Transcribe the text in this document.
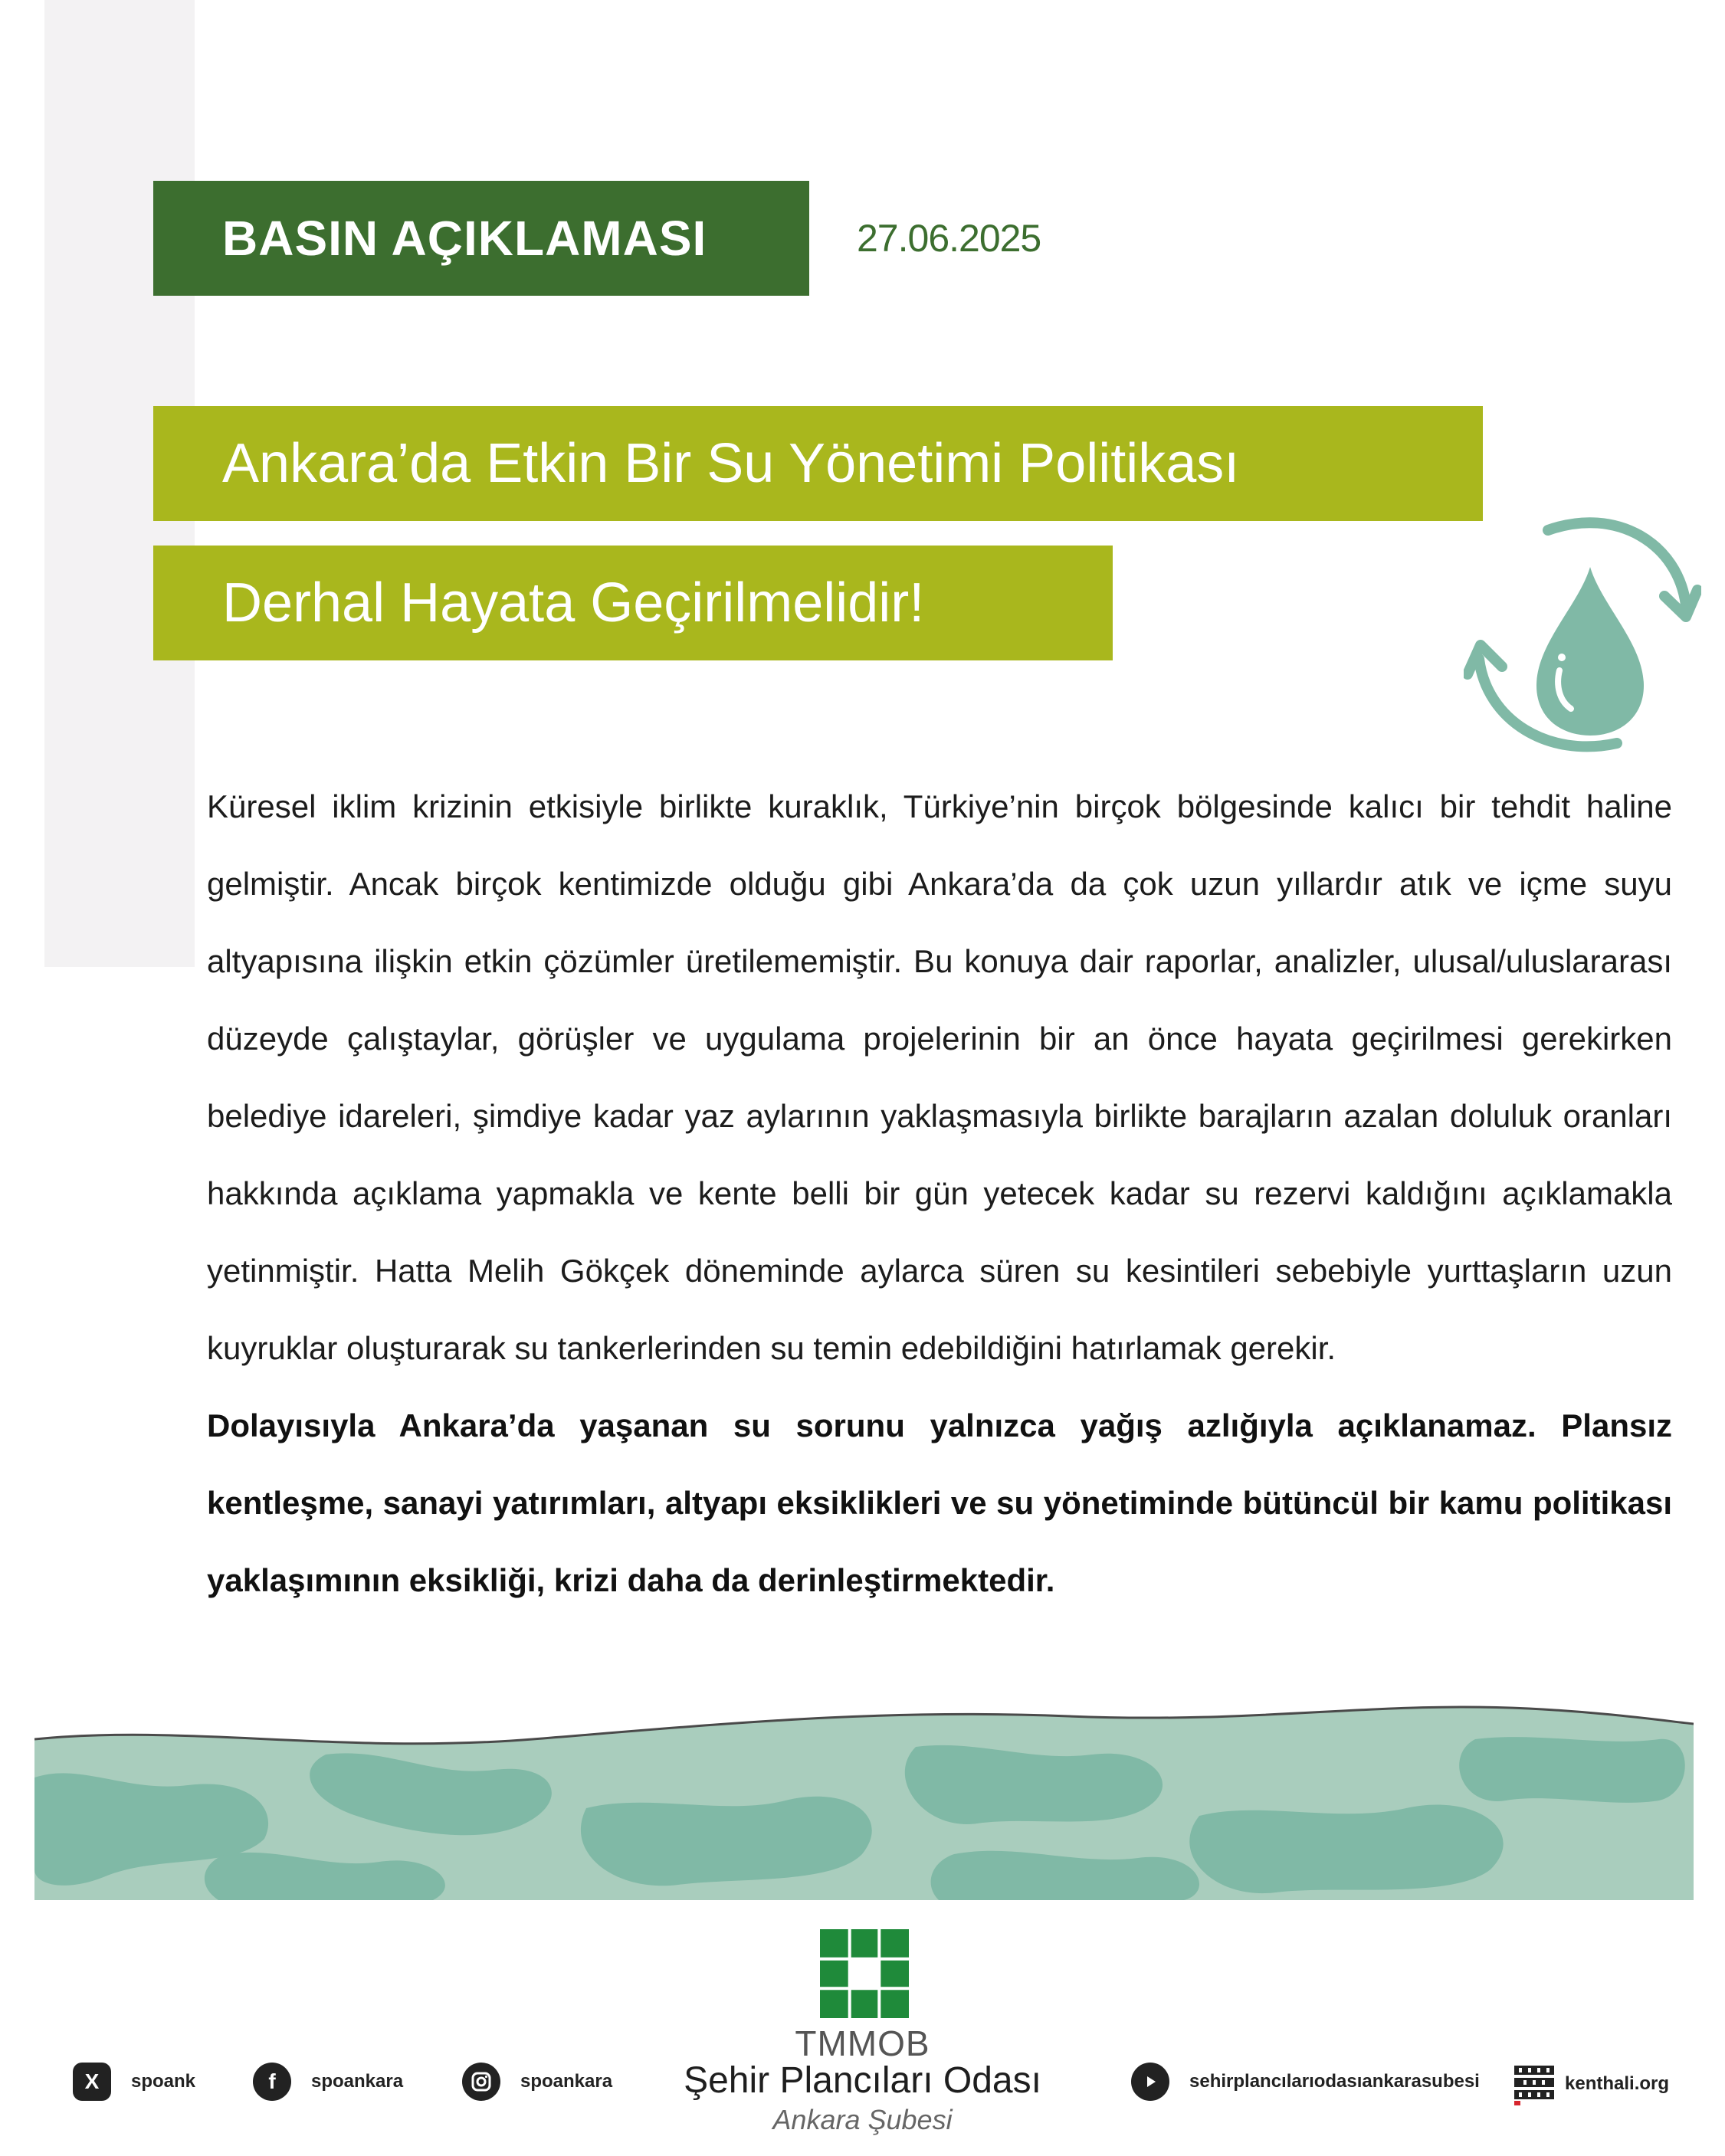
BASIN AÇIKLAMASI	27.06.2025
Ankara’da Etkin Bir Su Yönetimi Politikası
Derhal Hayata Geçirilmelidir!

Küresel iklim krizinin etkisiyle birlikte kuraklık, Türkiye’nin birçok bölgesinde kalıcı bir tehdit haline gelmiştir. Ancak birçok kentimizde olduğu gibi Ankara’da da çok uzun yıllardır atık ve içme suyu altyapısına ilişkin etkin çözümler üretilememiştir. Bu konuya dair raporlar, analizler, ulusal/uluslararası düzeyde çalıştaylar, görüşler ve uygulama projelerinin bir an önce hayata geçirilmesi gerekirken belediye idareleri, şimdiye kadar yaz aylarının yaklaşmasıyla birlikte barajların azalan doluluk oranları hakkında açıklama yapmakla ve kente belli bir gün yetecek kadar su rezervi kaldığını açıklamakla yetinmiştir. Hatta Melih Gökçek döneminde aylarca süren su kesintileri sebebiyle yurttaşların uzun kuyruklar oluşturarak su tankerlerinden su temin edebildiğini hatırlamak gerekir.

Dolayısıyla Ankara’da yaşanan su sorunu yalnızca yağış azlığıyla açıklanamaz. Plansız kentleşme, sanayi yatırımları, altyapı eksiklikleri ve su yönetiminde bütüncül bir kamu politikası yaklaşımının eksikliği, krizi daha da derinleştirmektedir.

TMMOB
Şehir Plancıları Odası
Ankara Şubesi
X	spoank	f	spoankara	spoankara	sehirplancılarıodasıankarasubesi	kenthali.org
